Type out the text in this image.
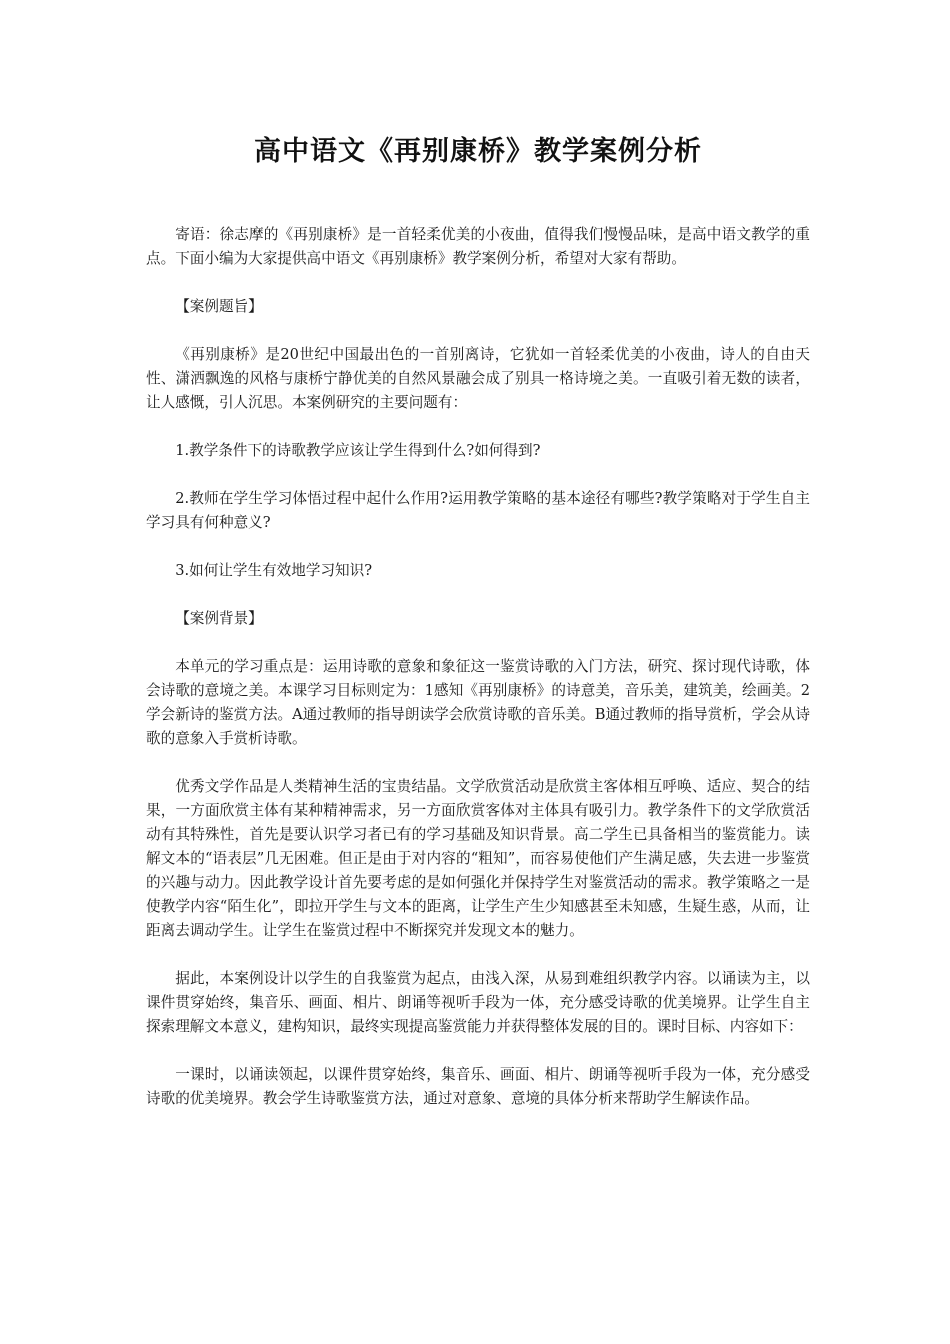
高中语文《再别康桥》教学案例分析

寄语：徐志摩的《再别康桥》是一首轻柔优美的小夜曲，值得我们慢慢品味，是高中语文教学的重点。下面小编为大家提供高中语文《再别康桥》教学案例分析，希望对大家有帮助。

【案例题旨】

《再别康桥》是20世纪中国最出色的一首别离诗，它犹如一首轻柔优美的小夜曲，诗人的自由天性、潇洒飘逸的风格与康桥宁静优美的自然风景融会成了别具一格诗境之美。一直吸引着无数的读者，让人感慨，引人沉思。本案例研究的主要问题有：

1.教学条件下的诗歌教学应该让学生得到什么?如何得到?

2.教师在学生学习体悟过程中起什么作用?运用教学策略的基本途径有哪些?教学策略对于学生自主学习具有何种意义?

3.如何让学生有效地学习知识?

【案例背景】

本单元的学习重点是：运用诗歌的意象和象征这一鉴赏诗歌的入门方法，研究、探讨现代诗歌，体会诗歌的意境之美。本课学习目标则定为：1感知《再别康桥》的诗意美，音乐美，建筑美，绘画美。2学会新诗的鉴赏方法。A通过教师的指导朗读学会欣赏诗歌的音乐美。B通过教师的指导赏析，学会从诗歌的意象入手赏析诗歌。

优秀文学作品是人类精神生活的宝贵结晶。文学欣赏活动是欣赏主客体相互呼唤、适应、契合的结果，一方面欣赏主体有某种精神需求，另一方面欣赏客体对主体具有吸引力。教学条件下的文学欣赏活动有其特殊性，首先是要认识学习者已有的学习基础及知识背景。高二学生已具备相当的鉴赏能力。读解文本的“语表层”几无困难。但正是由于对内容的“粗知”，而容易使他们产生满足感，失去进一步鉴赏的兴趣与动力。因此教学设计首先要考虑的是如何强化并保持学生对鉴赏活动的需求。教学策略之一是使教学内容“陌生化”，即拉开学生与文本的距离，让学生产生少知感甚至未知感，生疑生惑，从而，让距离去调动学生。让学生在鉴赏过程中不断探究并发现文本的魅力。

据此，本案例设计以学生的自我鉴赏为起点，由浅入深，从易到难组织教学内容。以诵读为主，以课件贯穿始终，集音乐、画面、相片、朗诵等视听手段为一体，充分感受诗歌的优美境界。让学生自主探索理解文本意义，建构知识，最终实现提高鉴赏能力并获得整体发展的目的。课时目标、内容如下：

一课时，以诵读领起，以课件贯穿始终，集音乐、画面、相片、朗诵等视听手段为一体，充分感受诗歌的优美境界。教会学生诗歌鉴赏方法，通过对意象、意境的具体分析来帮助学生解读作品。
